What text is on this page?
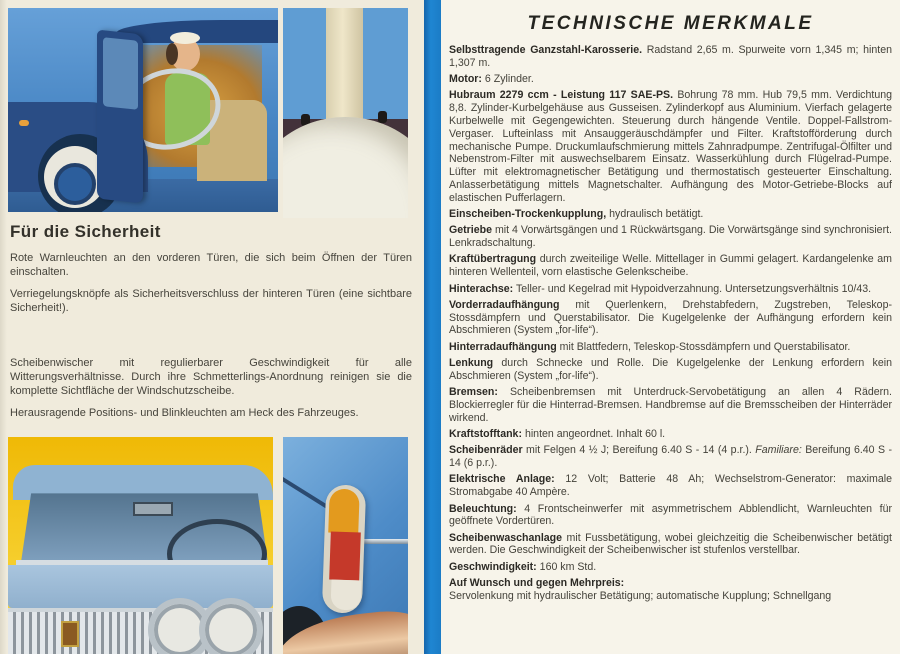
Für die Sicherheit

Rote Warnleuchten an den vorderen Türen, die sich beim Öffnen der Türen einschalten.

Verriegelungsknöpfe als Sicherheitsverschluss der hinteren Türen (eine sichtbare Sicherheit!).

Scheibenwischer mit regulierbarer Geschwindigkeit für alle Witterungsverhältnisse. Durch ihre Schmetterlings-Anordnung reinigen sie die komplette Sichtfläche der Windschutzscheibe.

Herausragende Positions- und Blinkleuchten am Heck des Fahrzeuges.

TECHNISCHE MERKMALE

Selbsttragende Ganzstahl-Karosserie. Radstand 2,65 m. Spurweite vorn 1,345 m; hinten 1,307 m.

Motor: 6 Zylinder.

Hubraum 2279 ccm - Leistung 117 SAE-PS. Bohrung 78 mm. Hub 79,5 mm. Verdichtung 8,8. Zylinder-Kurbelgehäuse aus Gusseisen. Zylinderkopf aus Aluminium. Vierfach gelagerte Kurbelwelle mit Gegengewichten. Steuerung durch hängende Ventile. Doppel-Fallstrom-Vergaser. Lufteinlass mit Ansauggeräuschdämpfer und Filter. Kraftstofförderung durch mechanische Pumpe. Druckumlaufschmierung mittels Zahnradpumpe. Zentrifugal-Ölfilter und Nebenstrom-Filter mit auswechselbarem Einsatz. Wasserkühlung durch Flügelrad-Pumpe. Lüfter mit elektromagnetischer Betätigung und thermostatisch gesteuerter Einschaltung. Anlasserbetätigung mittels Magnetschalter. Aufhängung des Motor-Getriebe-Blocks auf elastischen Pufferlagern.

Einscheiben-Trockenkupplung, hydraulisch betätigt.

Getriebe mit 4 Vorwärtsgängen und 1 Rückwärtsgang. Die Vorwärtsgänge sind synchronisiert. Lenkradschaltung.

Kraftübertragung durch zweiteilige Welle. Mittellager in Gummi gelagert. Kardangelenke am hinteren Wellenteil, vorn elastische Gelenkscheibe.

Hinterachse: Teller- und Kegelrad mit Hypoidverzahnung. Untersetzungsverhältnis 10/43.

Vorderradaufhängung mit Querlenkern, Drehstabfedern, Zugstreben, Teleskop-Stossdämpfern und Querstabilisator. Die Kugelgelenke der Aufhängung erfordern kein Abschmieren (System „for-life“).

Hinterradaufhängung mit Blattfedern, Teleskop-Stossdämpfern und Querstabilisator.

Lenkung durch Schnecke und Rolle. Die Kugelgelenke der Lenkung erfordern kein Abschmieren (System „for-life“).

Bremsen: Scheibenbremsen mit Unterdruck-Servobetätigung an allen 4 Rädern. Blockierregler für die Hinterrad-Bremsen. Handbremse auf die Bremsscheiben der Hinterräder wirkend.

Kraftstofftank: hinten angeordnet. Inhalt 60 l.

Scheibenräder mit Felgen 4 ½ J; Bereifung 6.40 S - 14 (4 p.r.). Familiare: Bereifung 6.40 S - 14 (6 p.r.).

Elektrische Anlage: 12 Volt; Batterie 48 Ah; Wechselstrom-Generator: maximale Stromabgabe 40 Ampère.

Beleuchtung: 4 Frontscheinwerfer mit asymmetrischem Abblendlicht, Warnleuchten für geöffnete Vordertüren.

Scheibenwaschanlage mit Fussbetätigung, wobei gleichzeitig die Scheibenwischer betätigt werden. Die Geschwindigkeit der Scheibenwischer ist stufenlos verstellbar.

Geschwindigkeit: 160 km Std.

Auf Wunsch und gegen Mehrpreis:
Servolenkung mit hydraulischer Betätigung; automatische Kupplung; Schnellgang
